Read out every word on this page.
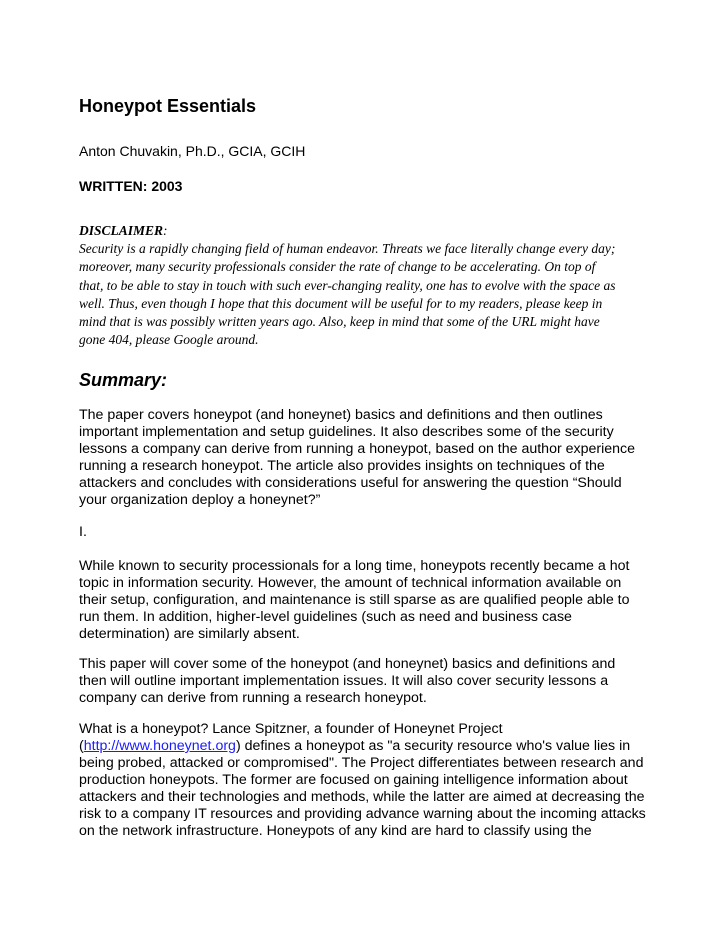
Honeypot Essentials

Anton Chuvakin, Ph.D., GCIA, GCIH

WRITTEN: 2003

DISCLAIMER:
Security is a rapidly changing field of human endeavor. Threats we face literally change every day;
moreover, many security professionals consider the rate of change to be accelerating. On top of
that, to be able to stay in touch with such ever-changing reality, one has to evolve with the space as
well. Thus, even though I hope that this document will be useful for to my readers, please keep in
mind that is was possibly written years ago. Also, keep in mind that some of the URL might have
gone 404, please Google around.
Summary:
The paper covers honeypot (and honeynet) basics and definitions and then outlines
important implementation and setup guidelines. It also describes some of the security
lessons a company can derive from running a honeypot, based on the author experience
running a research honeypot. The article also provides insights on techniques of the
attackers and concludes with considerations useful for answering the question “Should
your organization deploy a honeynet?”

I.

While known to security processionals for a long time, honeypots recently became a hot
topic in information security. However, the amount of technical information available on
their setup, configuration, and maintenance is still sparse as are qualified people able to
run them. In addition, higher-level guidelines (such as need and business case
determination) are similarly absent.
This paper will cover some of the honeypot (and honeynet) basics and definitions and
then will outline important implementation issues. It will also cover security lessons a
company can derive from running a research honeypot.
What is a honeypot? Lance Spitzner, a founder of Honeynet Project
(http://www.honeynet.org) defines a honeypot as "a security resource who's value lies in
being probed, attacked or compromised". The Project differentiates between research and
production honeypots. The former are focused on gaining intelligence information about
attackers and their technologies and methods, while the latter are aimed at decreasing the
risk to a company IT resources and providing advance warning about the incoming attacks
on the network infrastructure. Honeypots of any kind are hard to classify using the
